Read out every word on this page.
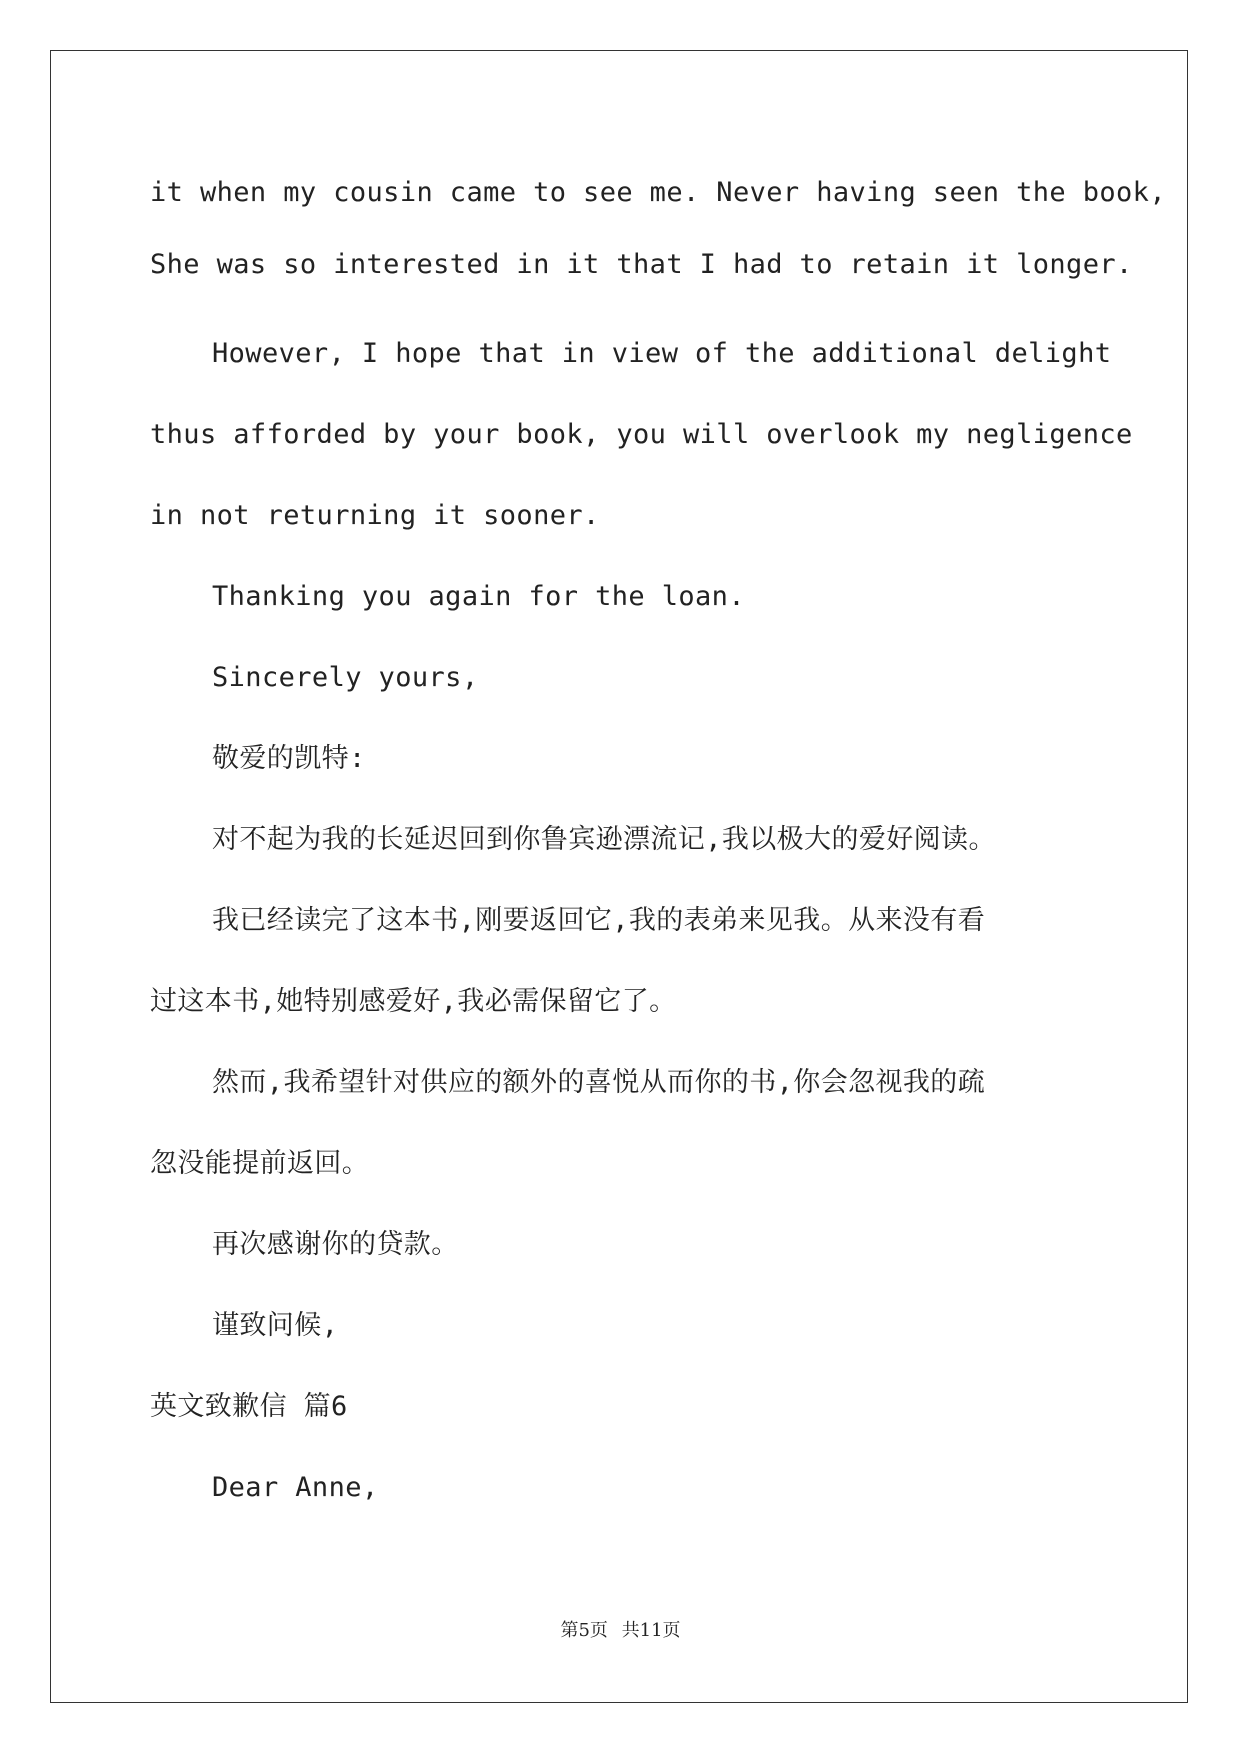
it when my cousin came to see me. Never having seen the book,
She was so interested in it that I had to retain it longer.
However, I hope that in view of the additional delight
thus afforded by your book, you will overlook my negligence
in not returning it sooner.
Thanking you again for the loan.
Sincerely yours,
敬爱的凯特:
对不起为我的长延迟回到你鲁宾逊漂流记,我以极大的爱好阅读。
我已经读完了这本书,刚要返回它,我的表弟来见我。从来没有看
过这本书,她特别感爱好,我必需保留它了。
然而,我希望针对供应的额外的喜悦从而你的书,你会忽视我的疏
忽没能提前返回。
再次感谢你的贷款。
谨致问候,
英文致歉信 篇6
Dear Anne,
第5页 共11页
